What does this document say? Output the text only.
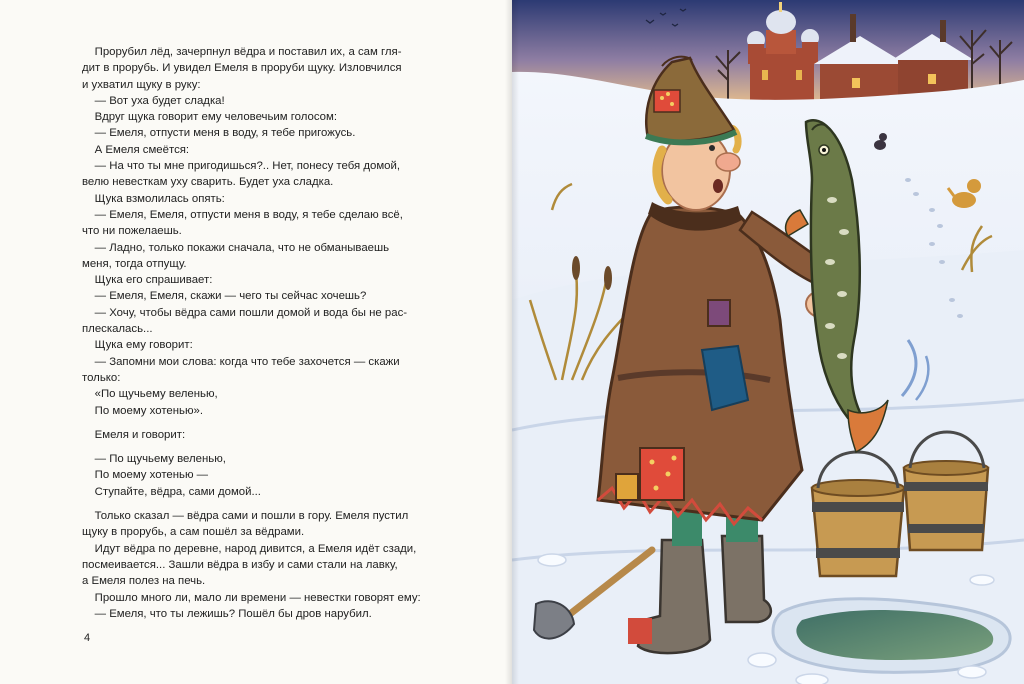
Прорубил лёд, зачерпнул вёдра и поставил их, а сам гля-
дит в прорубь. И увидел Емеля в проруби щуку. Изловчился
и ухватил щуку в руку:
— Вот уха будет сладка!
Вдруг щука говорит ему человечьим голосом:
— Емеля, отпусти меня в воду, я тебе пригожусь.
А Емеля смеётся:
— На что ты мне пригодишься?.. Нет, понесу тебя домой,
велю невесткам уху сварить. Будет уха сладка.
Щука взмолилась опять:
— Емеля, Емеля, отпусти меня в воду, я тебе сделаю всё,
что ни пожелаешь.
— Ладно, только покажи сначала, что не обманываешь
меня, тогда отпущу.
Щука его спрашивает:
— Емеля, Емеля, скажи — чего ты сейчас хочешь?
— Хочу, чтобы вёдра сами пошли домой и вода бы не рас-
плескалась...
Щука ему говорит:
— Запомни мои слова: когда что тебе захочется — скажи
только:
«По щучьему веленью,
По моему хотенью».
Емеля и говорит:
— По щучьему веленью,
По моему хотенью —
Ступайте, вёдра, сами домой...
Только сказал — вёдра сами и пошли в гору. Емеля пустил
щуку в прорубь, а сам пошёл за вёдрами.
Идут вёдра по деревне, народ дивится, а Емеля идёт сзади,
посмеивается... Зашли вёдра в избу и сами стали на лавку,
а Емеля полез на печь.
Прошло много ли, мало ли времени — невестки говорят ему:
— Емеля, что ты лежишь? Пошёл бы дров нарубил.
4
